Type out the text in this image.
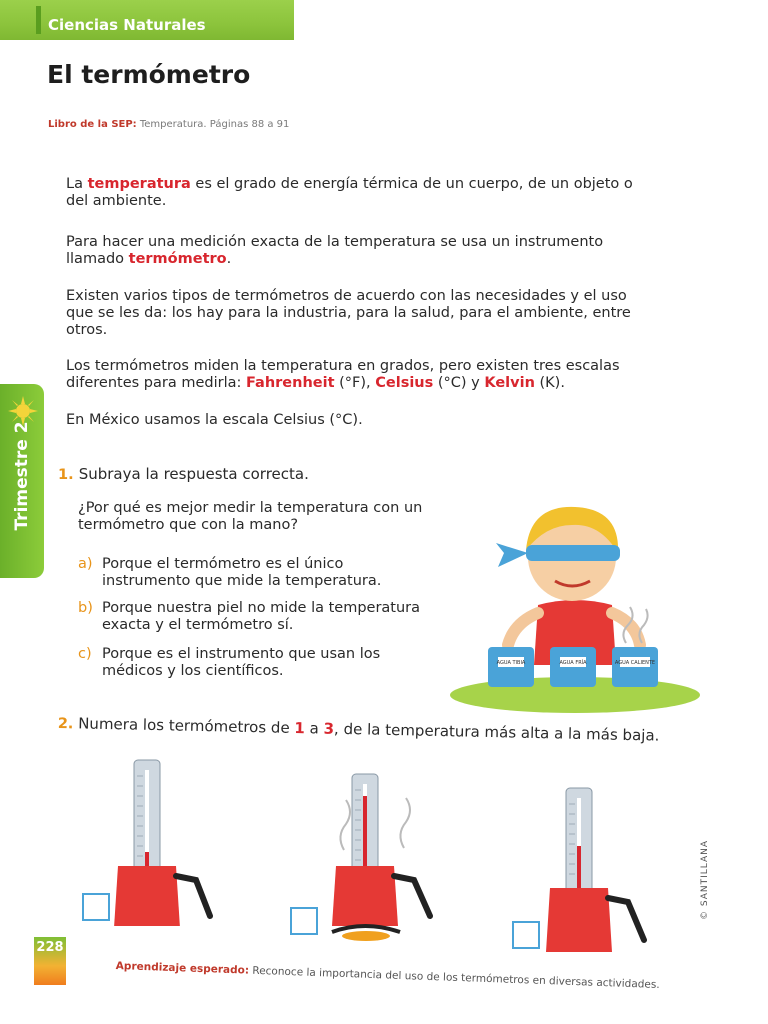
Ciencias Naturales
El termómetro
Libro de la SEP: Temperatura. Páginas 88 a 91

La temperatura es el grado de energía térmica de un cuerpo, de un objeto o del ambiente.

Para hacer una medición exacta de la temperatura se usa un instrumento llamado termómetro.

Existen varios tipos de termómetros de acuerdo con las necesidades y el uso que se les da: los hay para la industria, para la salud, para el ambiente, entre otros.

Los termómetros miden la temperatura en grados, pero existen tres escalas diferentes para medirla: Fahrenheit (°F), Celsius (°C) y Kelvin (K).

En México usamos la escala Celsius (°C).

Trimestre 2 1. Subraya la respuesta correcta.

¿Por qué es mejor medir la temperatura con un termómetro que con la mano?

a) Porque el termómetro es el único instrumento que mide la temperatura.

b) Porque nuestra piel no mide la temperatura exacta y el termómetro sí.

c) Porque es el instrumento que usan los médicos y los científicos.	AGUA TIBIA	AGUA FRÍA	AGUA CALIENTE
2. Numera los termómetros de 1 a 3, de la temperatura más alta a la más baja.
228
Aprendizaje esperado: Reconoce la importancia del uso de los termómetros en diversas actividades.
© SANTILLANA
